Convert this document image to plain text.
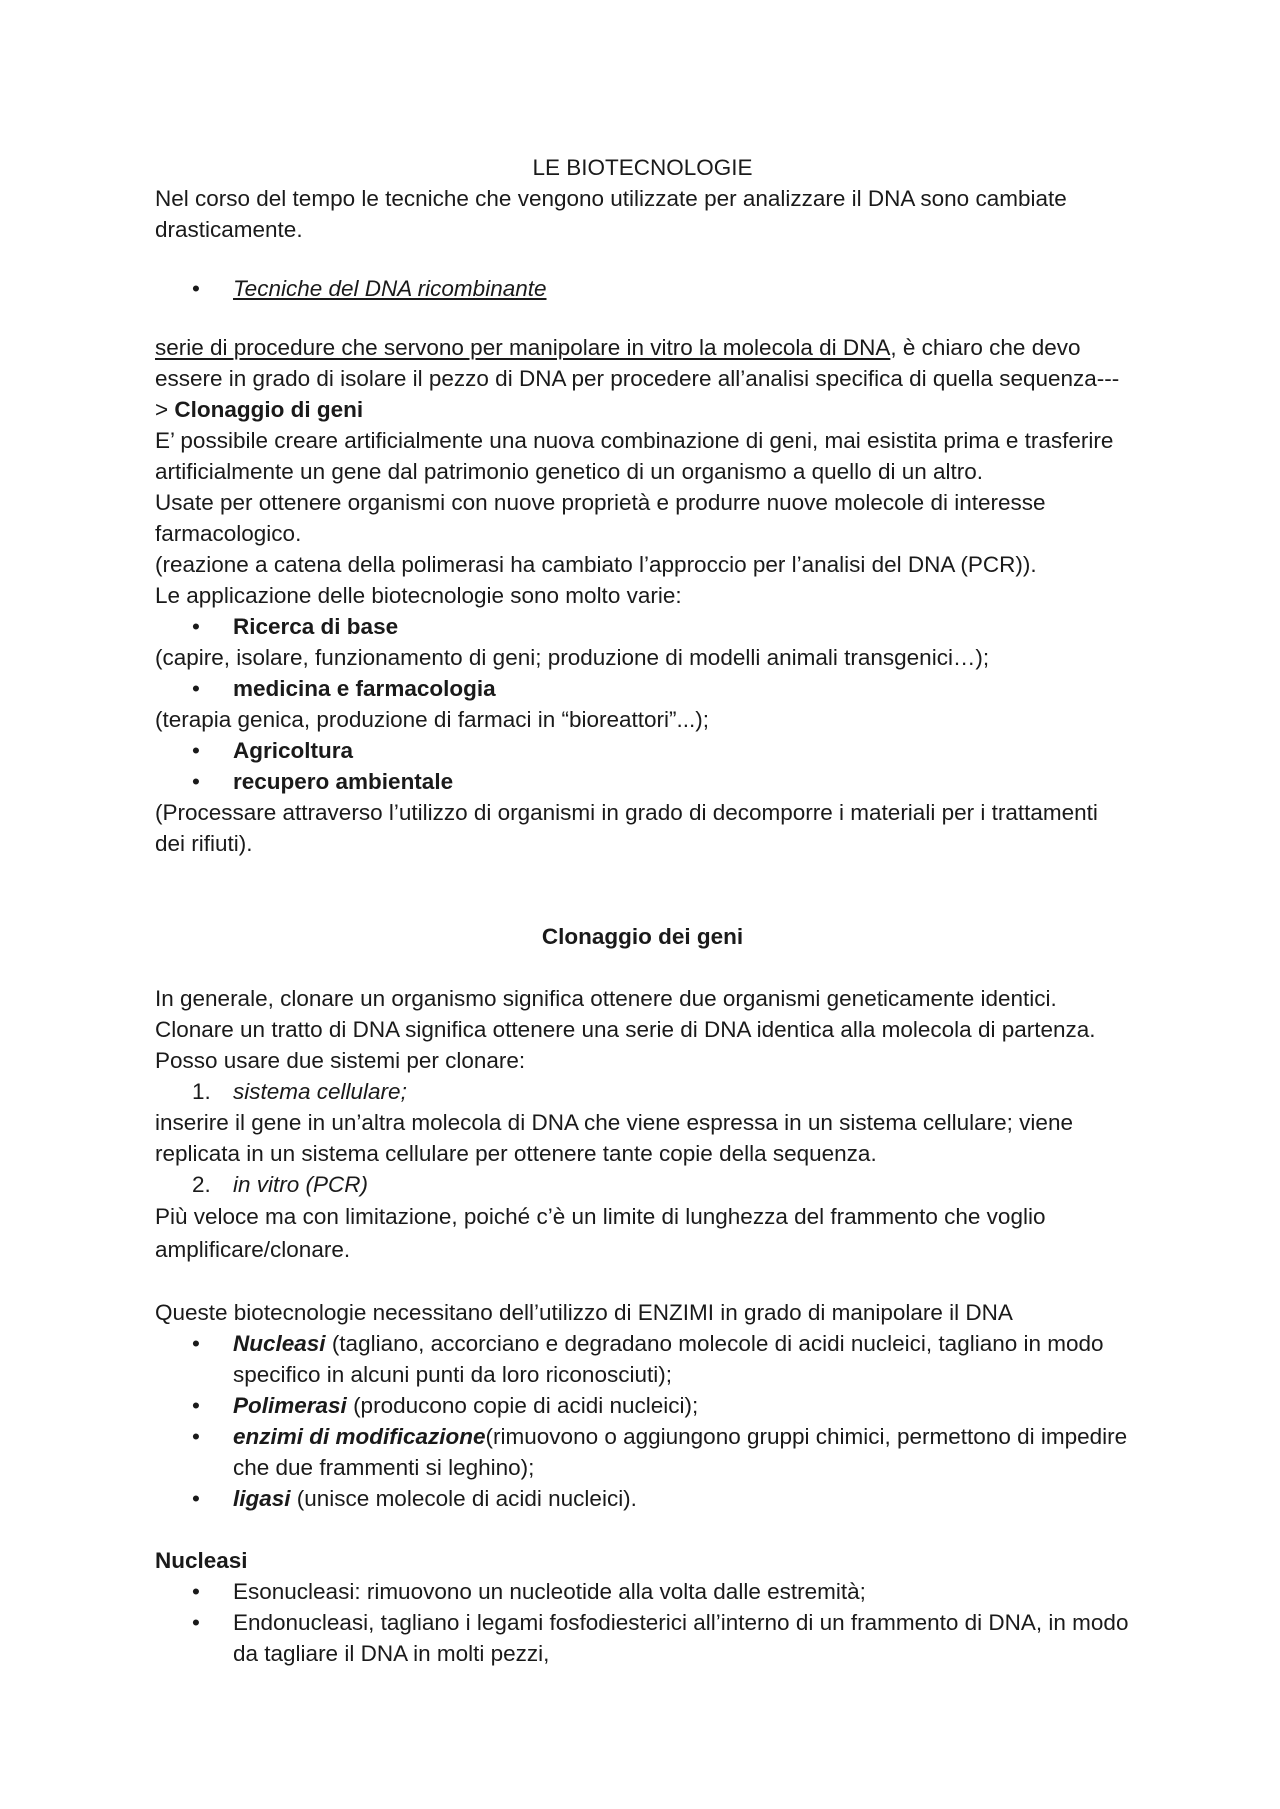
LE BIOTECNOLOGIE

Nel corso del tempo le tecniche che vengono utilizzate per analizzare il DNA sono cambiate drasticamente.

• Tecniche del DNA ricombinante

serie di procedure che servono per manipolare in vitro la molecola di DNA, è chiaro che devo essere in grado di isolare il pezzo di DNA per procedere all’analisi specifica di quella sequenza---> Clonaggio di geni

E’ possibile creare artificialmente una nuova combinazione di geni, mai esistita prima e trasferire artificialmente un gene dal patrimonio genetico di un organismo a quello di un altro.

Usate per ottenere organismi con nuove proprietà e produrre nuove molecole di interesse farmacologico.

(reazione a catena della polimerasi ha cambiato l’approccio per l’analisi del DNA (PCR)).

Le applicazione delle biotecnologie sono molto varie:

• Ricerca di base

(capire, isolare, funzionamento di geni; produzione di modelli animali transgenici…);

• medicina e farmacologia

(terapia genica, produzione di farmaci in “bioreattori”...);

• Agricoltura
• recupero ambientale

(Processare attraverso l’utilizzo di organismi in grado di decomporre i materiali per i trattamenti dei rifiuti).

Clonaggio dei geni

In generale, clonare un organismo significa ottenere due organismi geneticamente identici. Clonare un tratto di DNA significa ottenere una serie di DNA identica alla molecola di partenza. Posso usare due sistemi per clonare:

1. sistema cellulare;

inserire il gene in un’altra molecola di DNA che viene espressa in un sistema cellulare; viene replicata in un sistema cellulare per ottenere tante copie della sequenza.

2. in vitro (PCR)

Più veloce ma con limitazione, poiché c’è un limite di lunghezza del frammento che voglio amplificare/clonare.

Queste biotecnologie necessitano dell’utilizzo di ENZIMI in grado di manipolare il DNA

• Nucleasi (tagliano, accorciano e degradano molecole di acidi nucleici, tagliano in modo specifico in alcuni punti da loro riconosciuti);
• Polimerasi (producono copie di acidi nucleici);
• enzimi di modificazione(rimuovono o aggiungono gruppi chimici, permettono di impedire che due frammenti si leghino);
• ligasi (unisce molecole di acidi nucleici).

Nucleasi

• Esonucleasi: rimuovono un nucleotide alla volta dalle estremità;
• Endonucleasi, tagliano i legami fosfodiesterici all’interno di un frammento di DNA, in modo da tagliare il DNA in molti pezzi,
